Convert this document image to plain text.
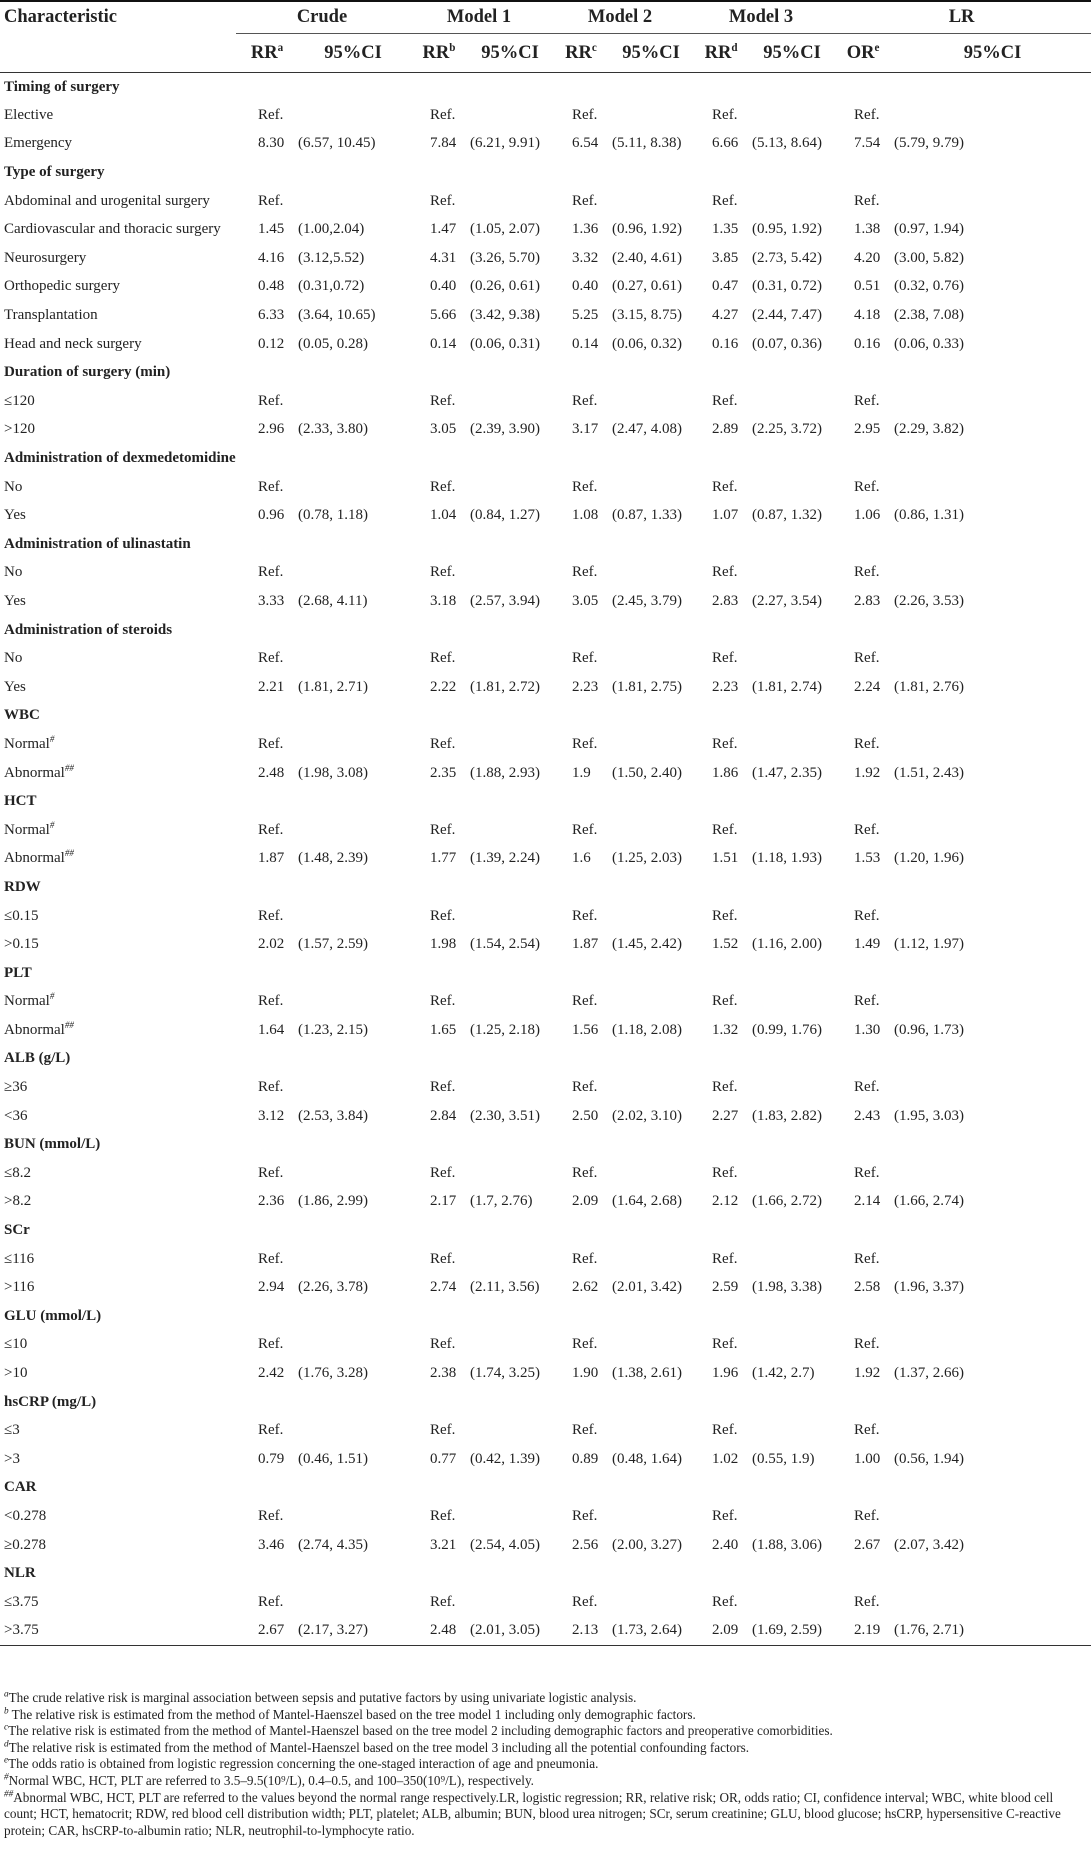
Characteristic	Crude		Model 1		Model 2		Model 3		LR	
	$RR^a$	95%CI	$RR^b$	95%CI	$RR^c$	95%CI	$RR^d$	95%CI	$OR^e$	95%CI
Timing of surgery										
Elective	Ref.		Ref.		Ref.		Ref.		Ref.	
Emergency	8.30	(6.57, 10.45)	7.84	(6.21, 9.91)	6.54	(5.11, 8.38)	6.66	(5.13, 8.64)	7.54	(5.79, 9.79)
Type of surgery										
Abdominal and urogenital surgery	Ref.		Ref.		Ref.		Ref.		Ref.	
Cardiovascular and thoracic surgery	1.45	(1.00,2.04)	1.47	(1.05, 2.07)	1.36	(0.96, 1.92)	1.35	(0.95, 1.92)	1.38	(0.97, 1.94)
Neurosurgery	4.16	(3.12,5.52)	4.31	(3.26, 5.70)	3.32	(2.40, 4.61)	3.85	(2.73, 5.42)	4.20	(3.00, 5.82)
Orthopedic surgery	0.48	(0.31,0.72)	0.40	(0.26, 0.61)	0.40	(0.27, 0.61)	0.47	(0.31, 0.72)	0.51	(0.32, 0.76)
Transplantation	6.33	(3.64, 10.65)	5.66	(3.42, 9.38)	5.25	(3.15, 8.75)	4.27	(2.44, 7.47)	4.18	(2.38, 7.08)
Head and neck surgery	0.12	(0.05, 0.28)	0.14	(0.06, 0.31)	0.14	(0.06, 0.32)	0.16	(0.07, 0.36)	0.16	(0.06, 0.33)
Duration of surgery (min)										
≤120	Ref.		Ref.		Ref.		Ref.		Ref.	
>120	2.96	(2.33, 3.80)	3.05	(2.39, 3.90)	3.17	(2.47, 4.08)	2.89	(2.25, 3.72)	2.95	(2.29, 3.82)
Administration of dexmedetomidine										
No	Ref.		Ref.		Ref.		Ref.		Ref.	
Yes	0.96	(0.78, 1.18)	1.04	(0.84, 1.27)	1.08	(0.87, 1.33)	1.07	(0.87, 1.32)	1.06	(0.86, 1.31)
Administration of ulinastatin										
No	Ref.		Ref.		Ref.		Ref.		Ref.	
Yes	3.33	(2.68, 4.11)	3.18	(2.57, 3.94)	3.05	(2.45, 3.79)	2.83	(2.27, 3.54)	2.83	(2.26, 3.53)
Administration of steroids										
No	Ref.		Ref.		Ref.		Ref.		Ref.	
Yes	2.21	(1.81, 2.71)	2.22	(1.81, 2.72)	2.23	(1.81, 2.75)	2.23	(1.81, 2.74)	2.24	(1.81, 2.76)
WBC										
Normal#	Ref.		Ref.		Ref.		Ref.		Ref.	
Abnormal##	2.48	(1.98, 3.08)	2.35	(1.88, 2.93)	1.9	(1.50, 2.40)	1.86	(1.47, 2.35)	1.92	(1.51, 2.43)
HCT										
Normal#	Ref.		Ref.		Ref.		Ref.		Ref.	
Abnormal##	1.87	(1.48, 2.39)	1.77	(1.39, 2.24)	1.6	(1.25, 2.03)	1.51	(1.18, 1.93)	1.53	(1.20, 1.96)
RDW										
≤0.15	Ref.		Ref.		Ref.		Ref.		Ref.	
>0.15	2.02	(1.57, 2.59)	1.98	(1.54, 2.54)	1.87	(1.45, 2.42)	1.52	(1.16, 2.00)	1.49	(1.12, 1.97)
PLT										
Normal#	Ref.		Ref.		Ref.		Ref.		Ref.	
Abnormal##	1.64	(1.23, 2.15)	1.65	(1.25, 2.18)	1.56	(1.18, 2.08)	1.32	(0.99, 1.76)	1.30	(0.96, 1.73)
ALB (g/L)										
≥36	Ref.		Ref.		Ref.		Ref.		Ref.	
<36	3.12	(2.53, 3.84)	2.84	(2.30, 3.51)	2.50	(2.02, 3.10)	2.27	(1.83, 2.82)	2.43	(1.95, 3.03)
BUN (mmol/L)										
≤8.2	Ref.		Ref.		Ref.		Ref.		Ref.	
>8.2	2.36	(1.86, 2.99)	2.17	(1.7, 2.76)	2.09	(1.64, 2.68)	2.12	(1.66, 2.72)	2.14	(1.66, 2.74)
SCr										
≤116	Ref.		Ref.		Ref.		Ref.		Ref.	
>116	2.94	(2.26, 3.78)	2.74	(2.11, 3.56)	2.62	(2.01, 3.42)	2.59	(1.98, 3.38)	2.58	(1.96, 3.37)
GLU (mmol/L)										
≤10	Ref.		Ref.		Ref.		Ref.		Ref.	
>10	2.42	(1.76, 3.28)	2.38	(1.74, 3.25)	1.90	(1.38, 2.61)	1.96	(1.42, 2.7)	1.92	(1.37, 2.66)
hsCRP (mg/L)										
≤3	Ref.		Ref.		Ref.		Ref.		Ref.	
>3	0.79	(0.46, 1.51)	0.77	(0.42, 1.39)	0.89	(0.48, 1.64)	1.02	(0.55, 1.9)	1.00	(0.56, 1.94)
CAR										
<0.278	Ref.		Ref.		Ref.		Ref.		Ref.	
≥0.278	3.46	(2.74, 4.35)	3.21	(2.54, 4.05)	2.56	(2.00, 3.27)	2.40	(1.88, 3.06)	2.67	(2.07, 3.42)
NLR										
≤3.75	Ref.		Ref.		Ref.		Ref.		Ref.	
>3.75	2.67	(2.17, 3.27)	2.48	(2.01, 3.05)	2.13	(1.73, 2.64)	2.09	(1.69, 2.59)	2.19	(1.76, 2.71)

$^a$The crude relative risk is marginal association between sepsis and putative factors by using univariate logistic analysis.

$^b$ The relative risk is estimated from the method of Mantel-Haenszel based on the tree model 1 including only demographic factors.

$^c$The relative risk is estimated from the method of Mantel-Haenszel based on the tree model 2 including demographic factors and preoperative comorbidities.

$^d$The relative risk is estimated from the method of Mantel-Haenszel based on the tree model 3 including all the potential confounding factors.

$^e$The odds ratio is obtained from logistic regression concerning the one-staged interaction of age and pneumonia.

#Normal WBC, HCT, PLT are referred to 3.5–9.5(10⁹/L), 0.4–0.5, and 100–350(10⁹/L), respectively.

##Abnormal WBC, HCT, PLT are referred to the values beyond the normal range respectively.LR, logistic regression; RR, relative risk; OR, odds ratio; CI, confidence interval; WBC, white blood cell count; HCT, hematocrit; RDW, red blood cell distribution width; PLT, platelet; ALB, albumin; BUN, blood urea nitrogen; SCr, serum creatinine; GLU, blood glucose; hsCRP, hypersensitive C-reactive protein; CAR, hsCRP-to-albumin ratio; NLR, neutrophil-to-lymphocyte ratio.
